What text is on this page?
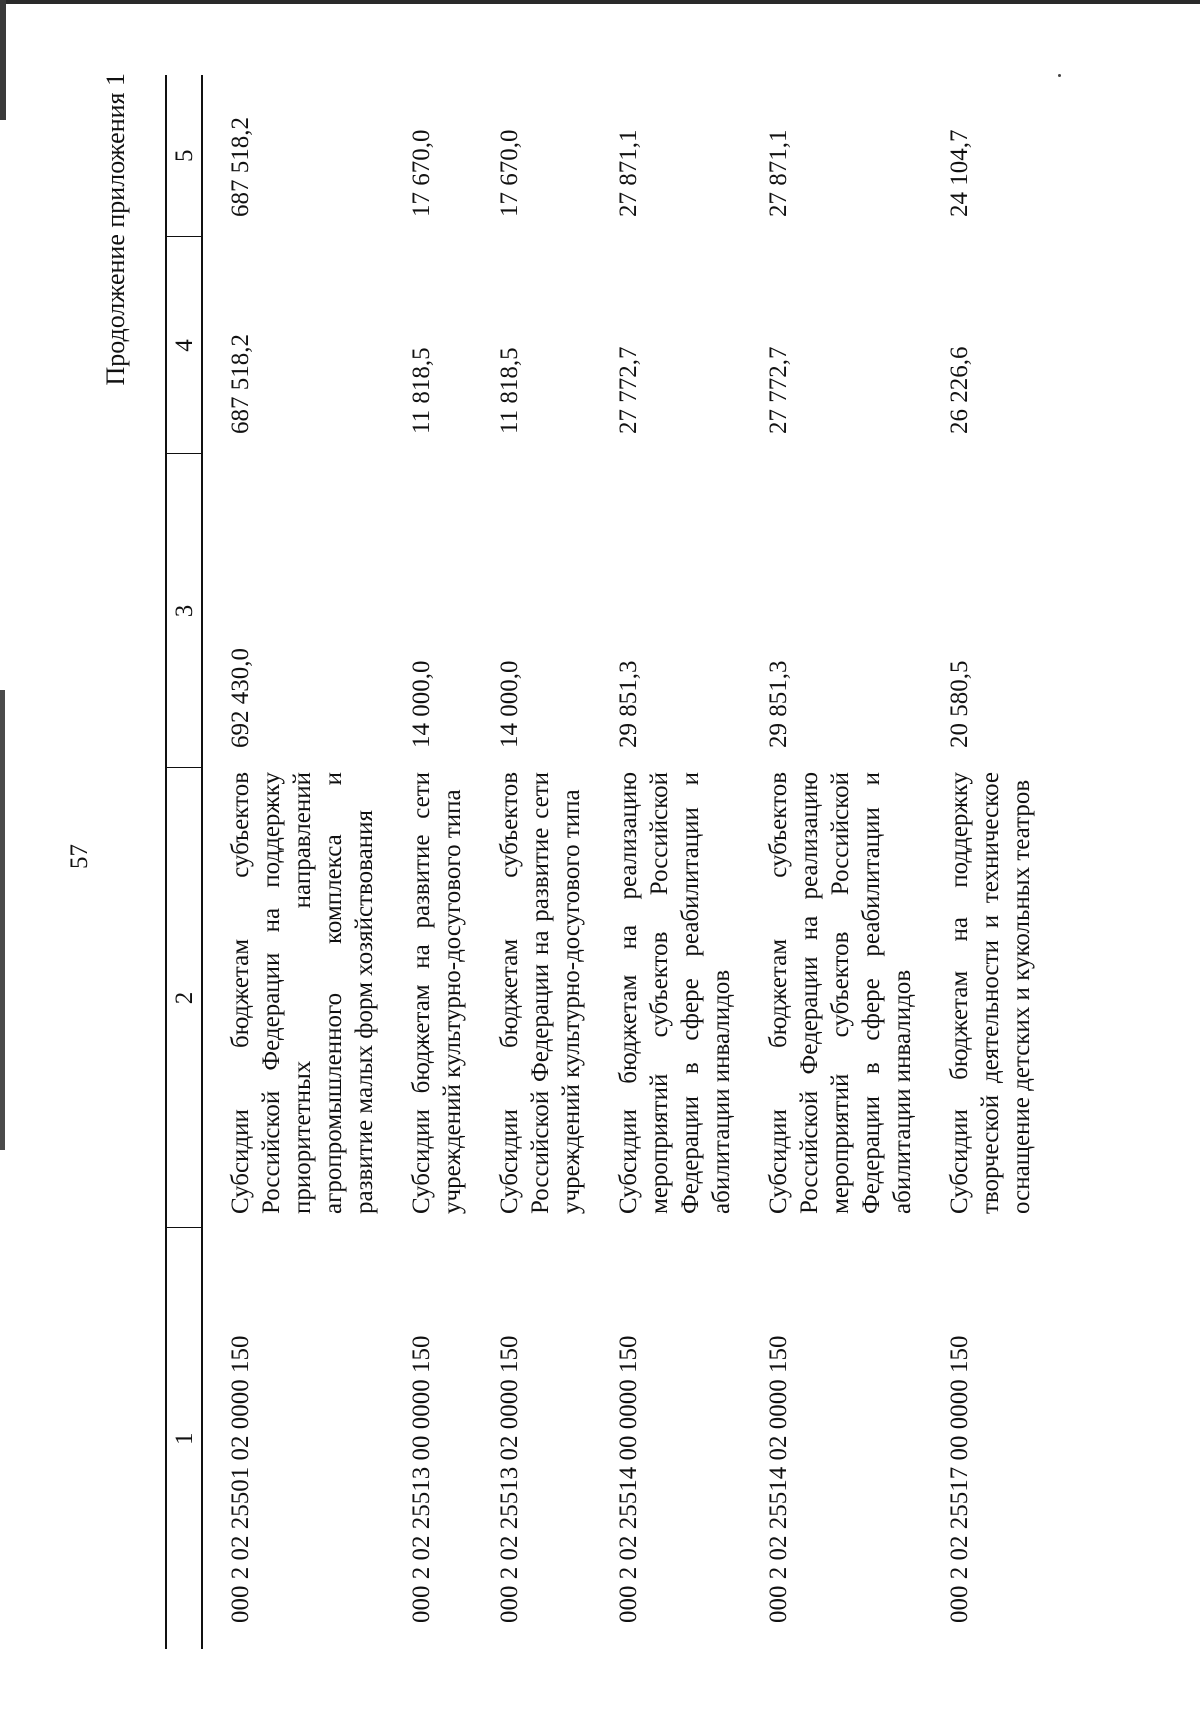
57
Продолжение приложения 1
1	2	3	4	5

000 2 02 25501 02 0000 150	Субсидии бюджетам субъектов Российской Федерации на поддержку приоритетных направлений агропромышленного комплекса и развитие малых форм хозяйствования	692 430,0	687 518,2	687 518,2

000 2 02 25513 00 0000 150	Субсидии бюджетам на развитие сети учреждений культурно-досугового типа	14 000,0	11 818,5	17 670,0

000 2 02 25513 02 0000 150	Субсидии бюджетам субъектов Российской Федерации на развитие сети учреждений культурно-досугового типа	14 000,0	11 818,5	17 670,0

000 2 02 25514 00 0000 150	Субсидии бюджетам на реализацию мероприятий субъектов Российской Федерации в сфере реабилитации и абилитации инвалидов	29 851,3	27 772,7	27 871,1

000 2 02 25514 02 0000 150	Субсидии бюджетам субъектов Российской Федерации на реализацию мероприятий субъектов Российской Федерации в сфере реабилитации и абилитации инвалидов	29 851,3	27 772,7	27 871,1

000 2 02 25517 00 0000 150	Субсидии бюджетам на поддержку творческой деятельности и техническое оснащение детских и кукольных театров	20 580,5	26 226,6	24 104,7
